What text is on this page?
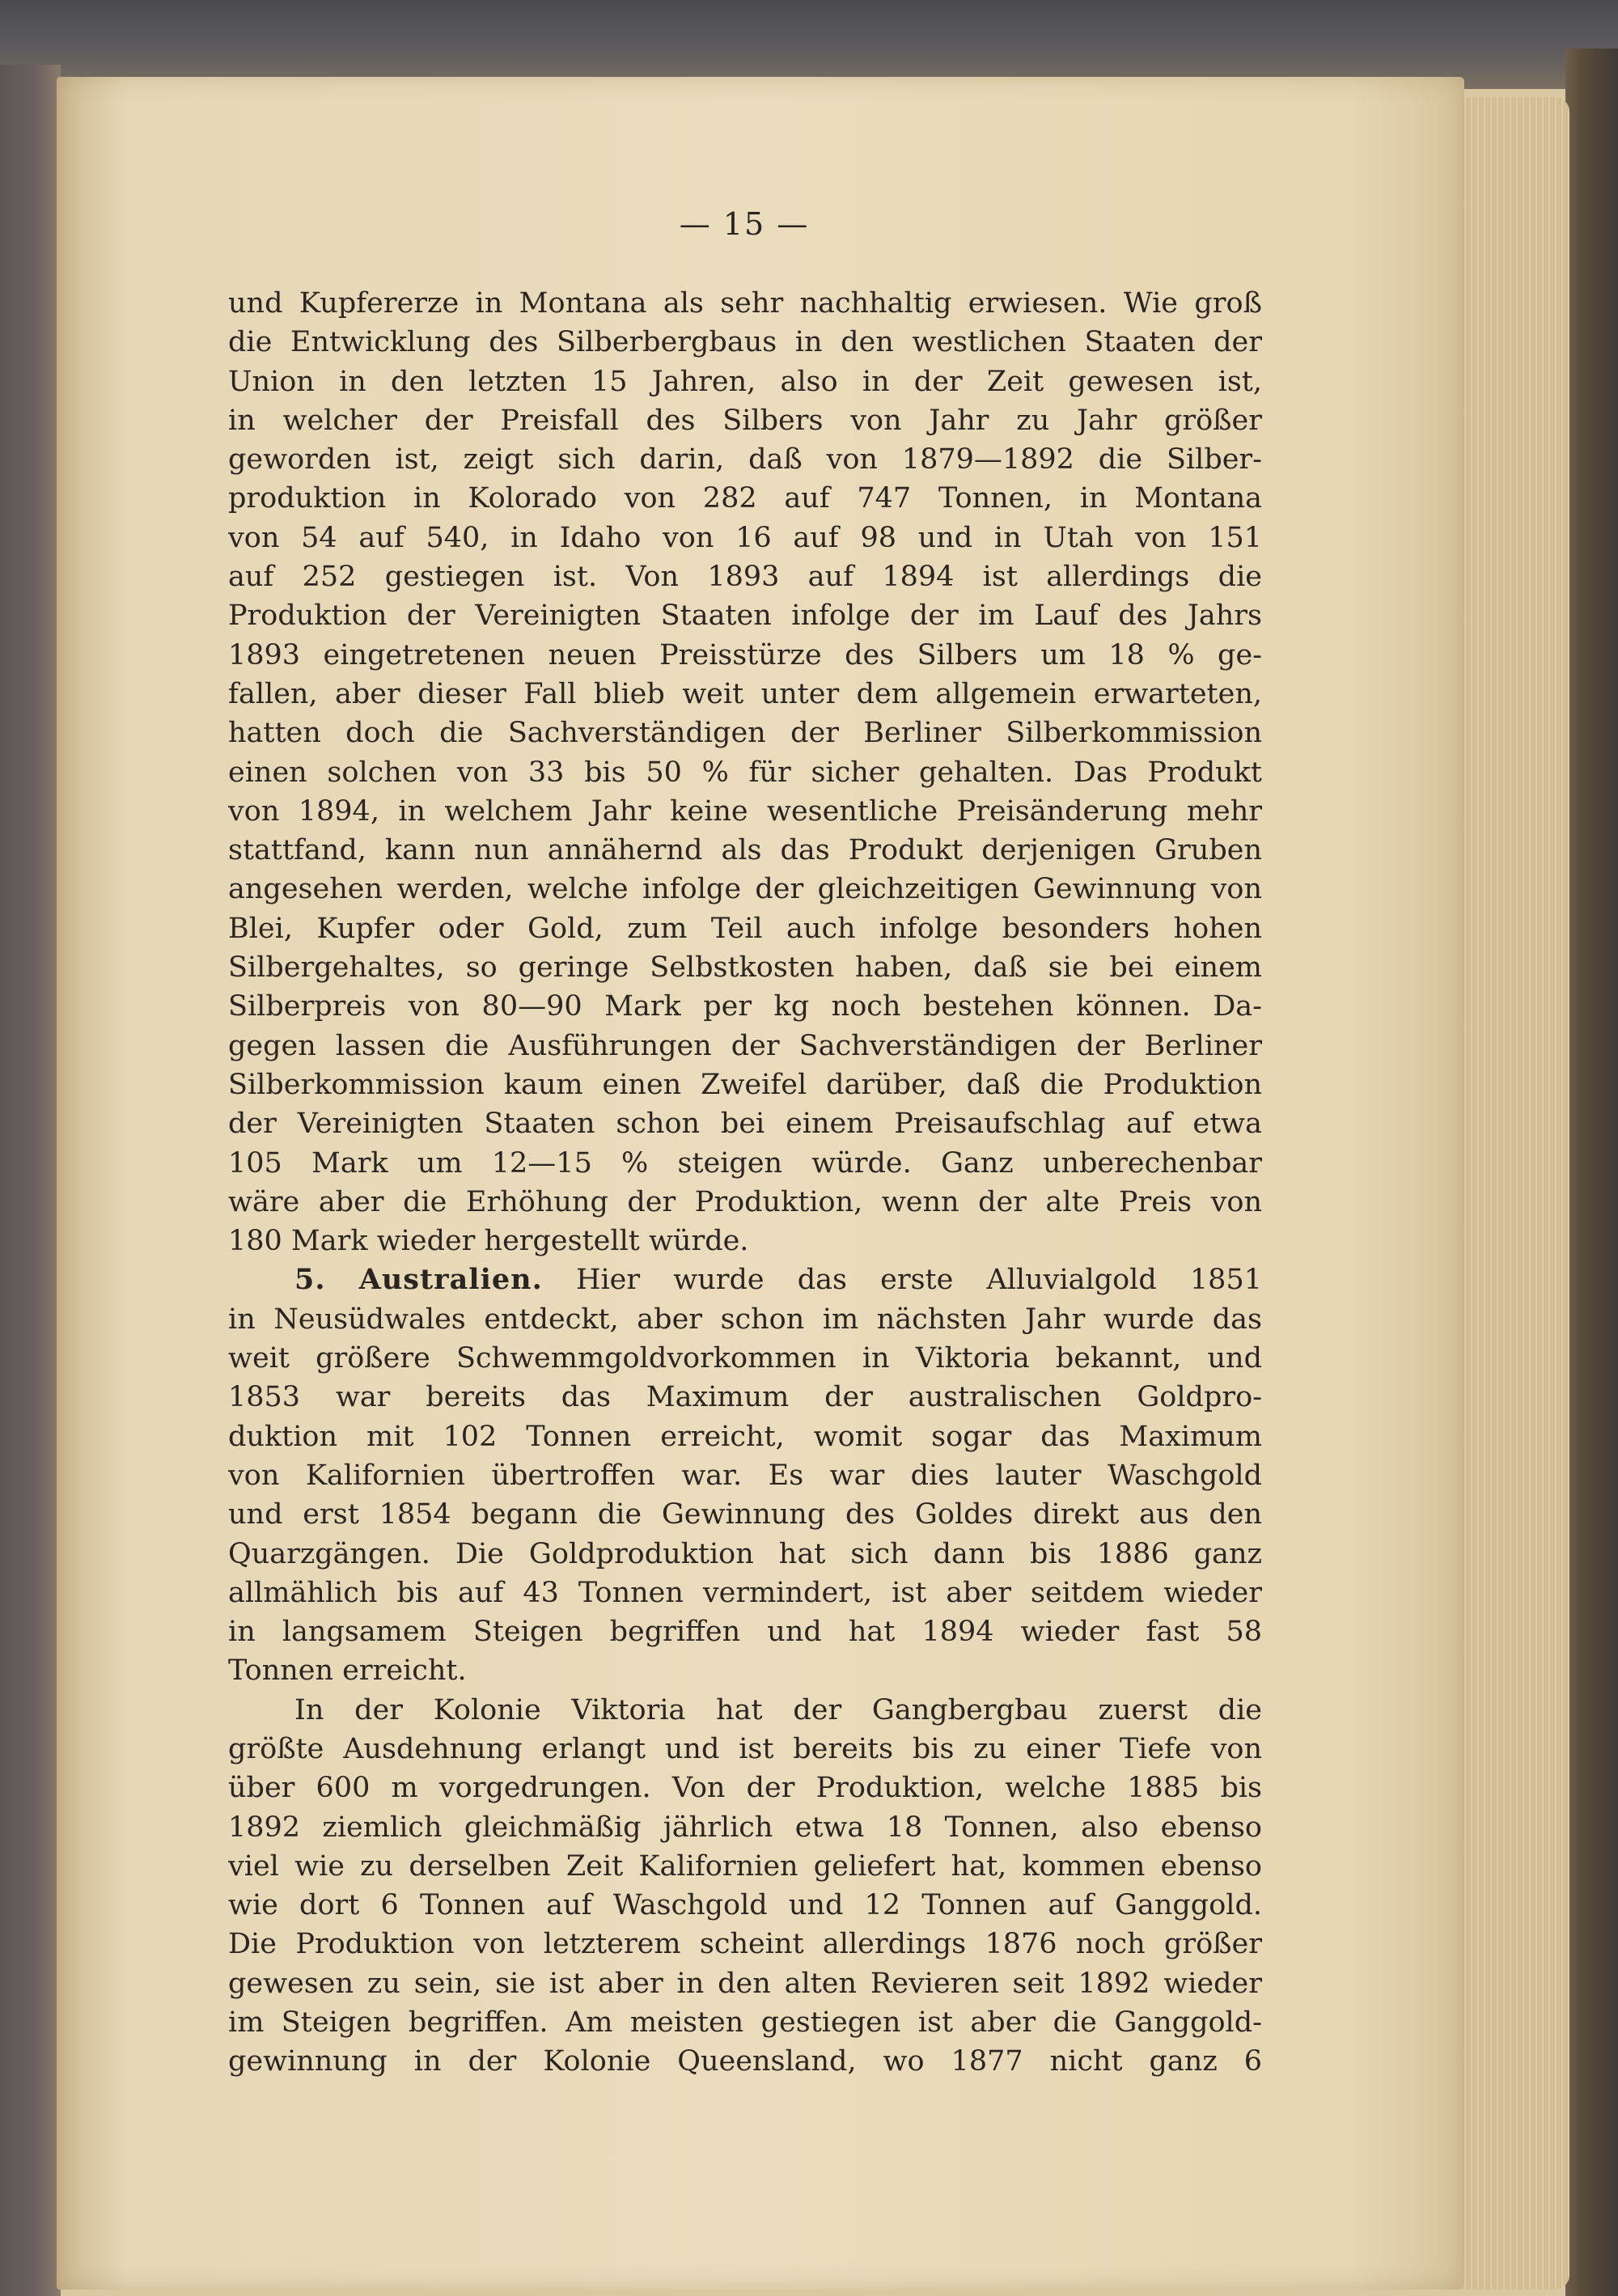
— 15 —
und Kupfererze in Montana als sehr nachhaltig erwiesen. Wie groß
die Entwicklung des Silberbergbaus in den westlichen Staaten der
Union in den letzten 15 Jahren, also in der Zeit gewesen ist,
in welcher der Preisfall des Silbers von Jahr zu Jahr größer
geworden ist, zeigt sich darin, daß von 1879—1892 die Silber-
produktion in Kolorado von 282 auf 747 Tonnen, in Montana
von 54 auf 540, in Idaho von 16 auf 98 und in Utah von 151
auf 252 gestiegen ist. Von 1893 auf 1894 ist allerdings die
Produktion der Vereinigten Staaten infolge der im Lauf des Jahrs
1893 eingetretenen neuen Preisstürze des Silbers um 18 % ge-
fallen, aber dieser Fall blieb weit unter dem allgemein erwarteten,
hatten doch die Sachverständigen der Berliner Silberkommission
einen solchen von 33 bis 50 % für sicher gehalten. Das Produkt
von 1894, in welchem Jahr keine wesentliche Preisänderung mehr
stattfand, kann nun annähernd als das Produkt derjenigen Gruben
angesehen werden, welche infolge der gleichzeitigen Gewinnung von
Blei, Kupfer oder Gold, zum Teil auch infolge besonders hohen
Silbergehaltes, so geringe Selbstkosten haben, daß sie bei einem
Silberpreis von 80—90 Mark per kg noch bestehen können. Da-
gegen lassen die Ausführungen der Sachverständigen der Berliner
Silberkommission kaum einen Zweifel darüber, daß die Produktion
der Vereinigten Staaten schon bei einem Preisaufschlag auf etwa
105 Mark um 12—15 % steigen würde. Ganz unberechenbar
wäre aber die Erhöhung der Produktion, wenn der alte Preis von
180 Mark wieder hergestellt würde.
5. Australien. Hier wurde das erste Alluvialgold 1851
in Neusüdwales entdeckt, aber schon im nächsten Jahr wurde das
weit größere Schwemmgoldvorkommen in Viktoria bekannt, und
1853 war bereits das Maximum der australischen Goldpro-
duktion mit 102 Tonnen erreicht, womit sogar das Maximum
von Kalifornien übertroffen war. Es war dies lauter Waschgold
und erst 1854 begann die Gewinnung des Goldes direkt aus den
Quarzgängen. Die Goldproduktion hat sich dann bis 1886 ganz
allmählich bis auf 43 Tonnen vermindert, ist aber seitdem wieder
in langsamem Steigen begriffen und hat 1894 wieder fast 58
Tonnen erreicht.
In der Kolonie Viktoria hat der Gangbergbau zuerst die
größte Ausdehnung erlangt und ist bereits bis zu einer Tiefe von
über 600 m vorgedrungen. Von der Produktion, welche 1885 bis
1892 ziemlich gleichmäßig jährlich etwa 18 Tonnen, also ebenso
viel wie zu derselben Zeit Kalifornien geliefert hat, kommen ebenso
wie dort 6 Tonnen auf Waschgold und 12 Tonnen auf Ganggold.
Die Produktion von letzterem scheint allerdings 1876 noch größer
gewesen zu sein, sie ist aber in den alten Revieren seit 1892 wieder
im Steigen begriffen. Am meisten gestiegen ist aber die Ganggold-
gewinnung in der Kolonie Queensland, wo 1877 nicht ganz 6
